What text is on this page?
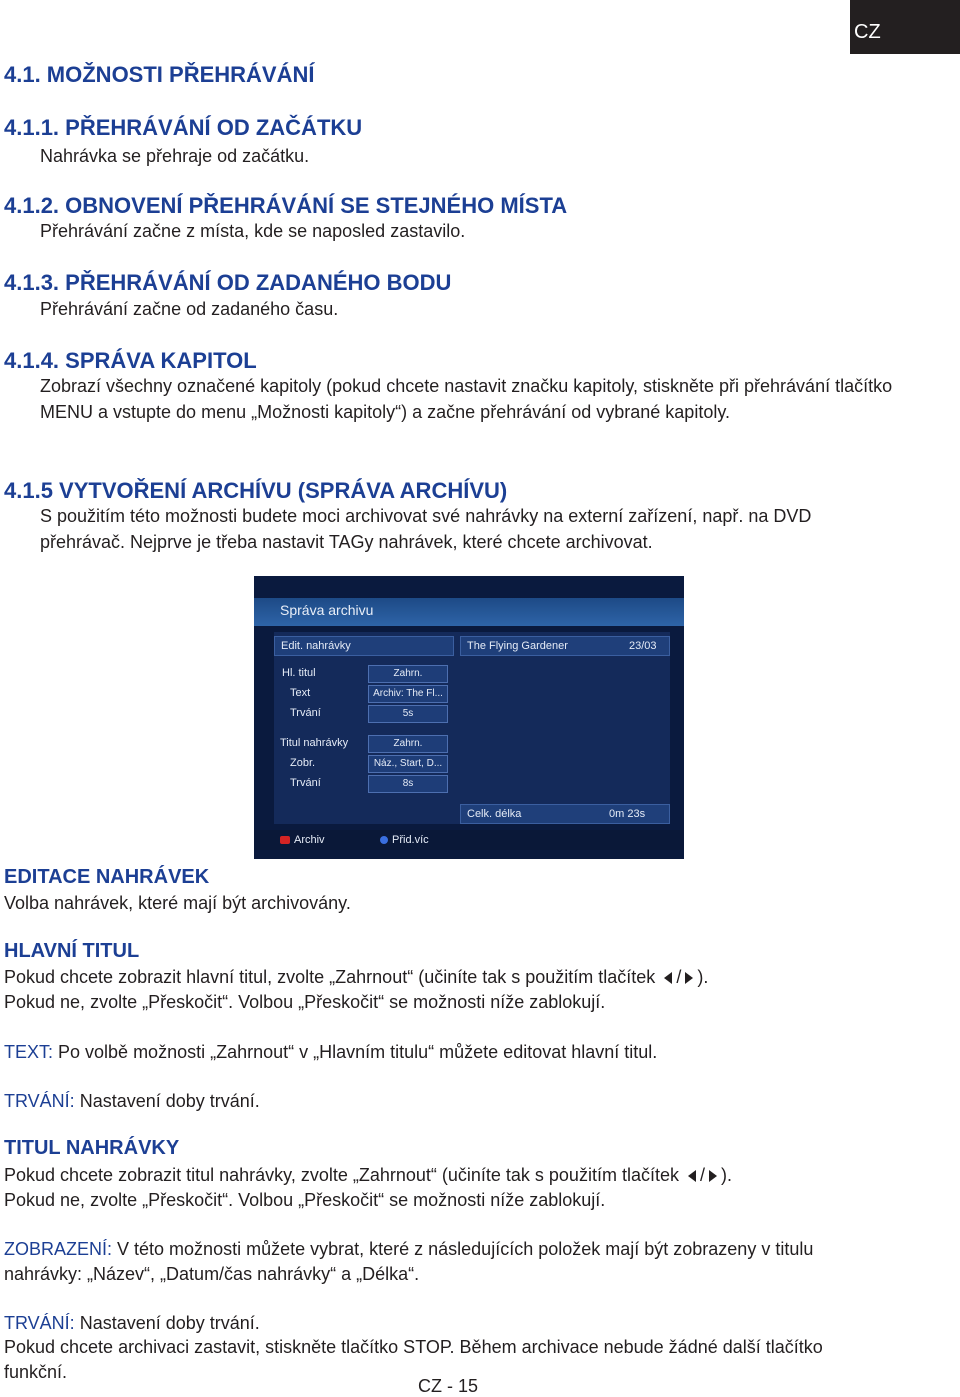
CZ

4.1. MOŽNOSTI PŘEHRÁVÁNÍ

4.1.1. PŘEHRÁVÁNÍ OD ZAČÁTKU

Nahrávka se přehraje od začátku.

4.1.2. OBNOVENÍ PŘEHRÁVÁNÍ SE STEJNÉHO MÍSTA

Přehrávání začne z místa, kde se naposled zastavilo.

4.1.3. PŘEHRÁVÁNÍ OD ZADANÉHO BODU

Přehrávání začne od zadaného času.

4.1.4. SPRÁVA KAPITOL

Zobrazí všechny označené kapitoly (pokud chcete nastavit značku kapitoly, stiskněte při přehrávání tlačítko MENU a vstupte do menu „Možnosti kapitoly“) a začne přehrávání od vybrané kapitoly.

4.1.5 VYTVOŘENÍ ARCHÍVU (SPRÁVA ARCHÍVU)

S použitím této možnosti budete moci archivovat své nahrávky na externí zařízení, např. na DVD přehrávač. Nejprve je třeba nastavit TAGy nahrávek, které chcete archivovat.

Správa archivu
Edit. nahrávky	The Flying Gardener	23/03
Hl. titul	Zahrn.
Text	Archiv: The Fl...
Trvání	5s
Titul nahrávky	Zahrn.
Zobr.	Náz., Start, D...
Trvání	8s
Celk. délka	0m 23s
Archiv	Přid.víc

EDITACE NAHRÁVEK

Volba nahrávek, které mají být archivovány.

HLAVNÍ TITUL

Pokud chcete zobrazit hlavní titul, zvolte „Zahrnout“ (učiníte tak s použitím tlačítek / ).

Pokud ne, zvolte „Přeskočit“. Volbou „Přeskočit“ se možnosti níže zablokují.

TEXT: Po volbě možnosti „Zahrnout“ v „Hlavním titulu“ můžete editovat hlavní titul.

TRVÁNÍ: Nastavení doby trvání.

TITUL NAHRÁVKY

Pokud chcete zobrazit titul nahrávky, zvolte „Zahrnout“ (učiníte tak s použitím tlačítek / ).

Pokud ne, zvolte „Přeskočit“. Volbou „Přeskočit“ se možnosti níže zablokují.

ZOBRAZENÍ: V této možnosti můžete vybrat, které z následujících položek mají být zobrazeny v titulu nahrávky: „Název“, „Datum/čas nahrávky“ a „Délka“.

TRVÁNÍ: Nastavení doby trvání.

Pokud chcete archivaci zastavit, stiskněte tlačítko STOP. Během archivace nebude žádné další tlačítko funkční.

CZ - 15
